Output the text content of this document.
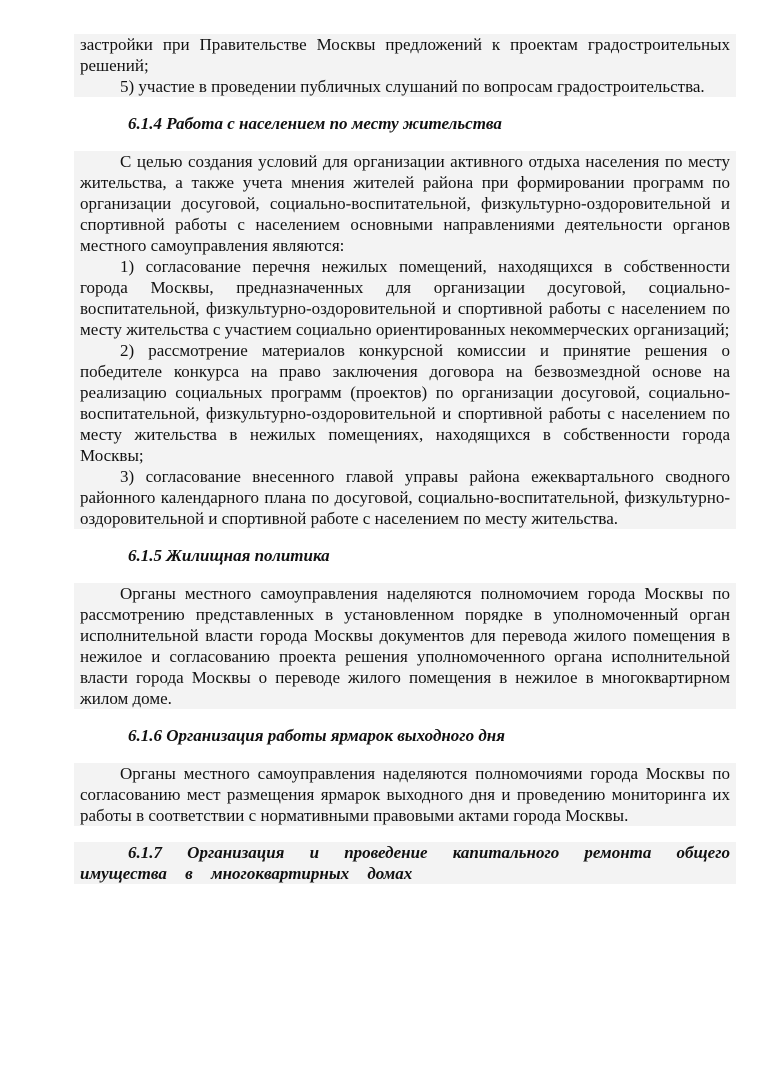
застройки при Правительстве Москвы предложений к проектам градостроительных решений;

5) участие в проведении публичных слушаний по вопросам градостроительства.

6.1.4 Работа с населением по месту жительства

С целью создания условий для организации активного отдыха населения по месту жительства, а также учета мнения жителей района при формировании программ по организации досуговой, социально-воспитательной, физкультурно-оздоровительной и спортивной работы с населением основными направлениями деятельности органов местного самоуправления являются:

1) согласование перечня нежилых помещений, находящихся в собственности города Москвы, предназначенных для организации досуговой, социально-воспитательной, физкультурно-оздоровительной и спортивной работы с населением по месту жительства с участием социально ориентированных некоммерческих организаций;

2) рассмотрение материалов конкурсной комиссии и принятие решения о победителе конкурса на право заключения договора на безвозмездной основе на реализацию социальных программ (проектов) по организации досуговой, социально-воспитательной, физкультурно-оздоровительной и спортивной работы с населением по месту жительства в нежилых помещениях, находящихся в собственности города Москвы;

3) согласование внесенного главой управы района ежеквартального сводного районного календарного плана по досуговой, социально-воспитательной, физкультурно-оздоровительной и спортивной работе с населением по месту жительства.

6.1.5 Жилищная политика

Органы местного самоуправления наделяются полномочием города Москвы по рассмотрению представленных в установленном порядке в уполномоченный орган исполнительной власти города Москвы документов для перевода жилого помещения в нежилое и согласованию проекта решения уполномоченного органа исполнительной власти города Москвы о переводе жилого помещения в нежилое в многоквартирном жилом доме.

6.1.6 Организация работы ярмарок выходного дня

Органы местного самоуправления наделяются полномочиями города Москвы по согласованию мест размещения ярмарок выходного дня и проведению мониторинга их работы в соответствии с нормативными правовыми актами города Москвы.

6.1.7 Организация и проведение капитального ремонта общего имущества в многоквартирных домах
